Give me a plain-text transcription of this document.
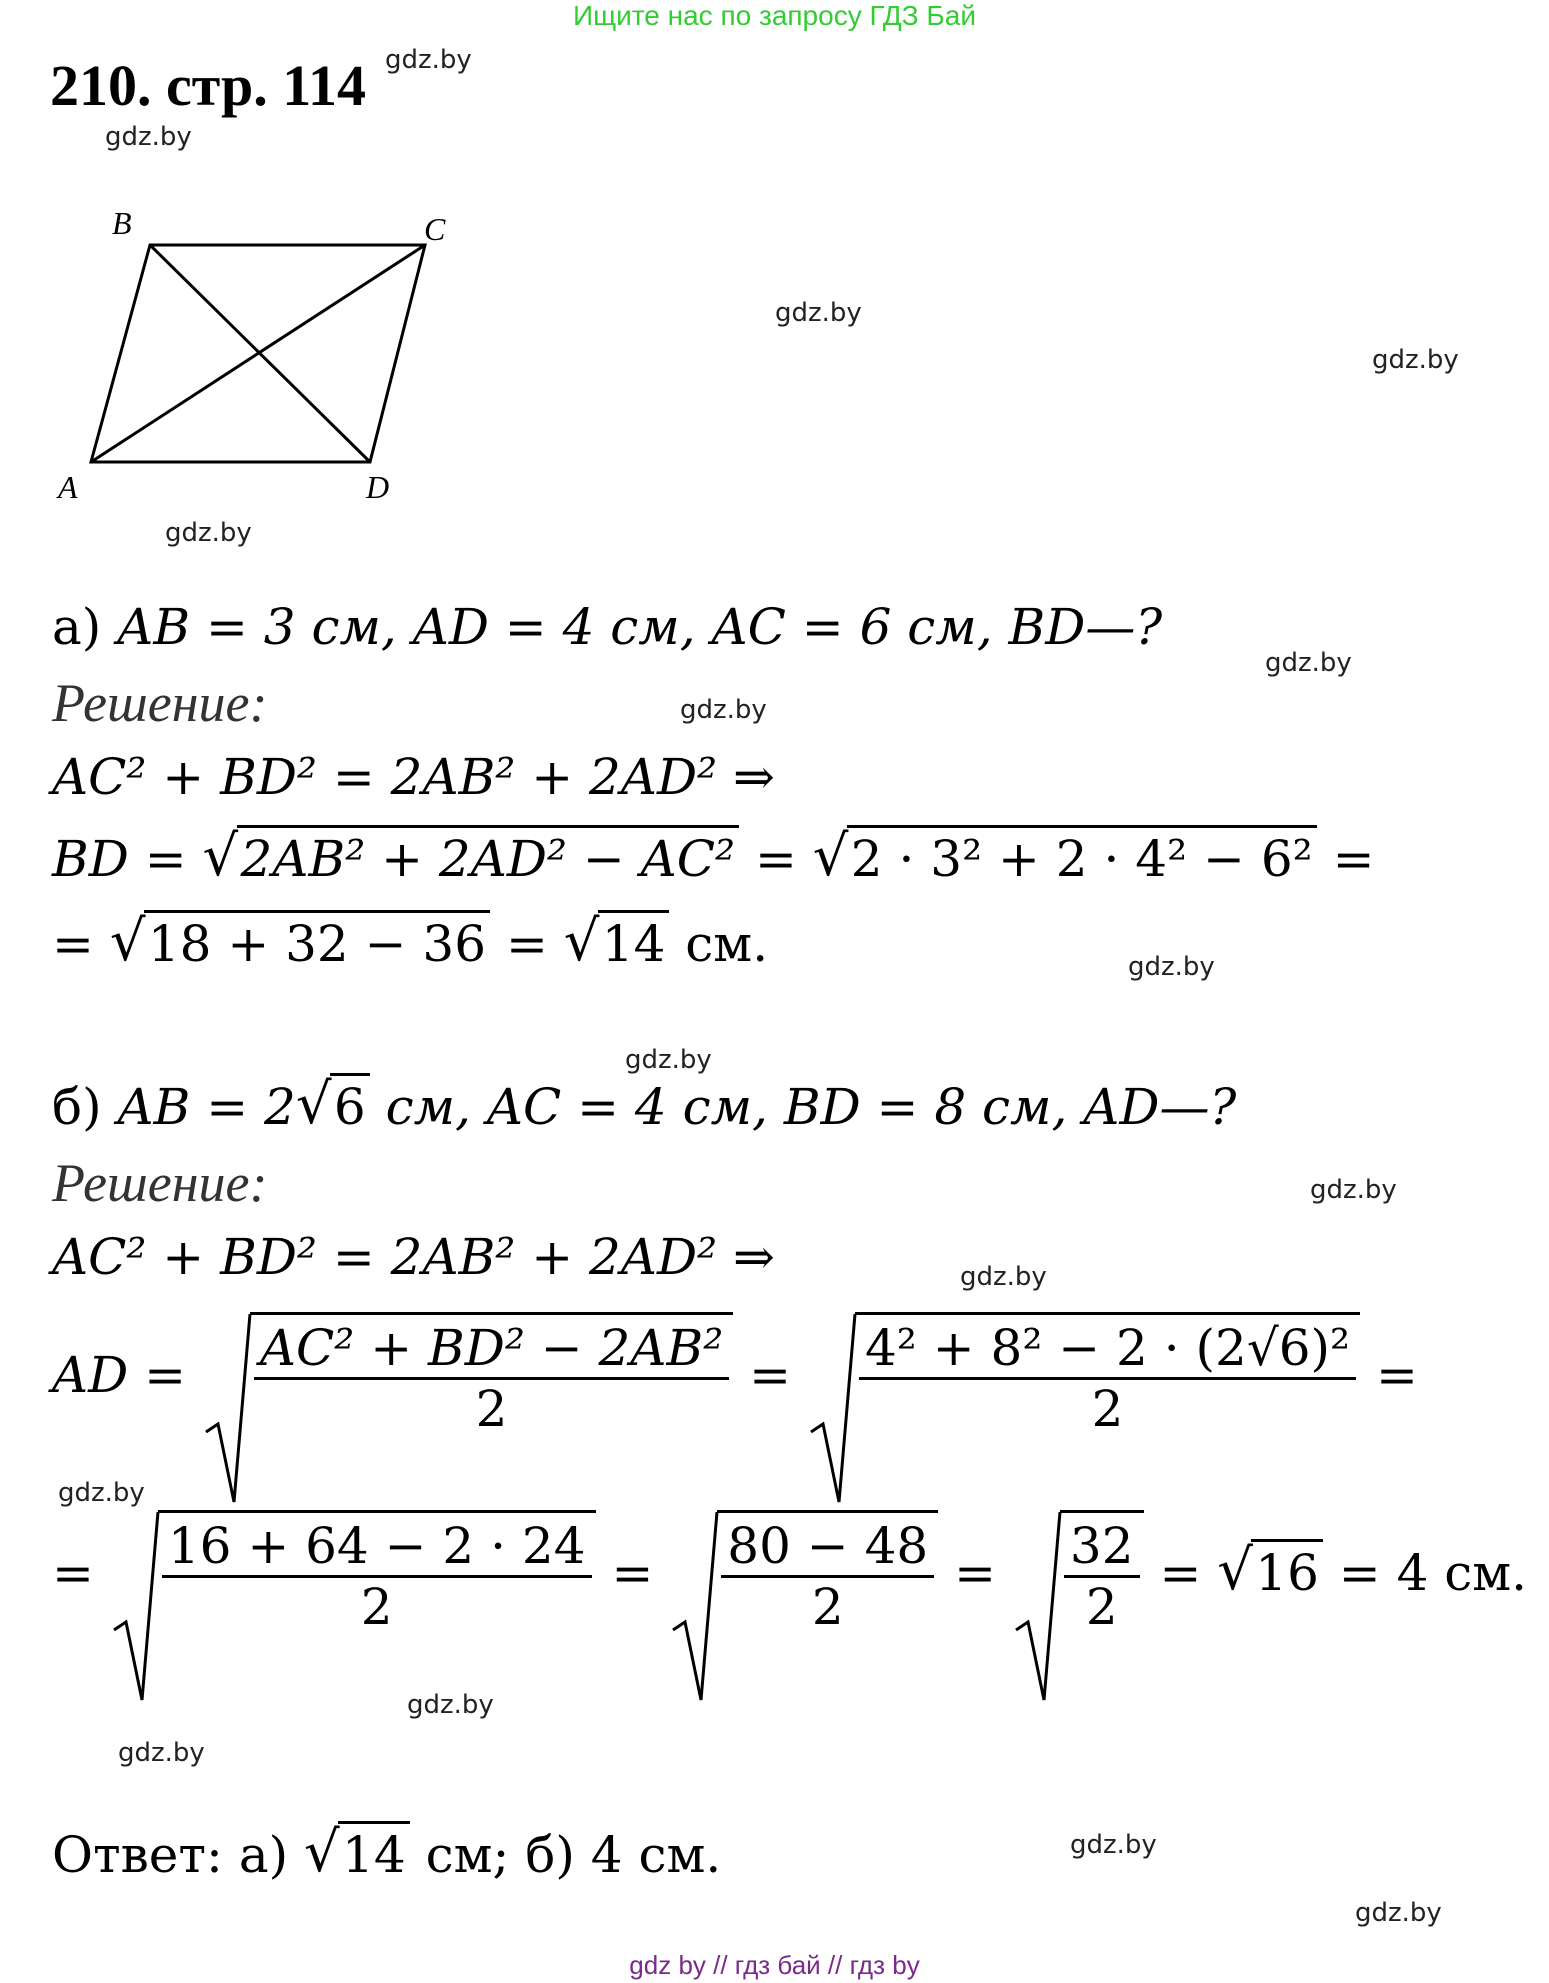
Ищите нас по запросу ГДЗ Бай
210. стр. 114 gdz.by
gdz.by
gdz.by
gdz.by
gdz.by
gdz.by
gdz.by
gdz.by
gdz.by
gdz.by
gdz.by
gdz.by
gdz.by
gdz.by
gdz.by
gdz.by
B	C
A	D
а) AB = 3 см, AD = 4 см, AC = 6 см, BD—?
Решение:
AC² + BD² = 2AB² + 2AD² ⇒
BD = √ 2AB² + 2AD² − AC² = √ 2 · 3² + 2 · 4² − 6² =
= √ 18 + 32 − 36 = √ 14 см.
б) AB = 2 √ 6 см, AC = 4 см, BD = 8 см, AD—?
Решение:
AC² + BD² = 2AB² + 2AD² ⇒
AD = $\frac{\text{AC² + BD² − 2AB²}}{2} = \frac{\text{4² + 8² − 2 · (2√6)²}}{2}$ =
= $\frac{16 + 64 - 2 \cdot 24}{2} = \frac{80 - 48}{2} = \frac{32}{2}$ = √ 16 = 4 см.
Ответ: а) √ 14 см; б) 4 см.
gdz by // гдз бай // гдз by
